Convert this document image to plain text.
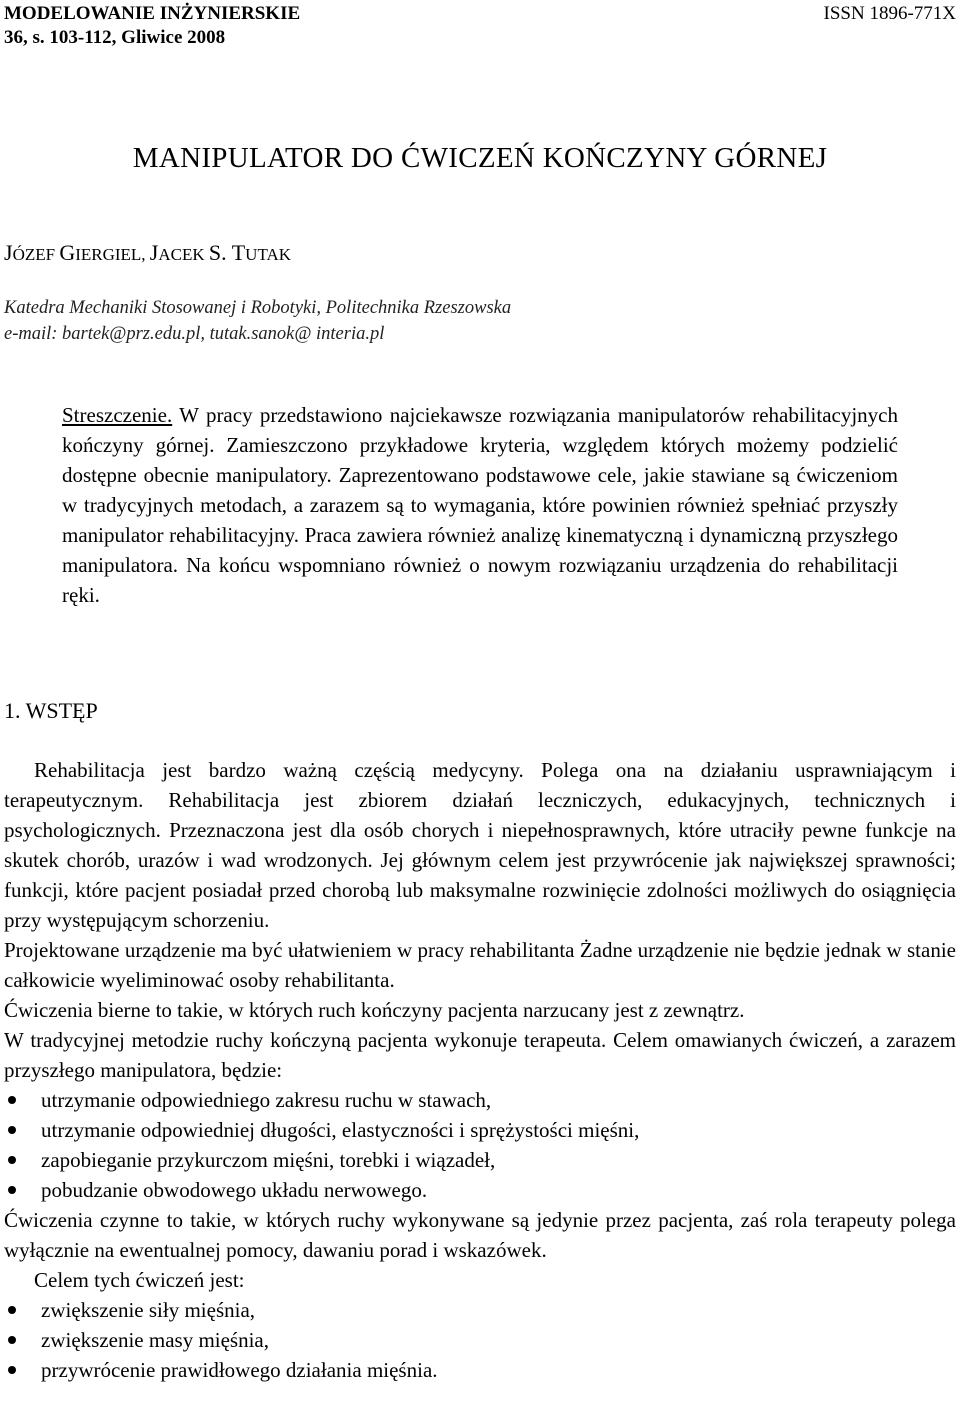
MODELOWANIE INŻYNIERSKIE
36, s. 103-112, Gliwice 2008
ISSN 1896-771X
MANIPULATOR DO ĆWICZEŃ KOŃCZYNY GÓRNEJ
JÓZEF GIERGIEL, JACEK S. TUTAK
Katedra Mechaniki Stosowanej i Robotyki, Politechnika Rzeszowska
e-mail: bartek@prz.edu.pl, tutak.sanok@ interia.pl
Streszczenie. W pracy przedstawiono najciekawsze rozwiązania manipulatorów rehabilitacyjnych kończyny górnej. Zamieszczono przykładowe kryteria, względem których możemy podzielić dostępne obecnie manipulatory. Zaprezentowano podstawowe cele, jakie stawiane są ćwiczeniom w tradycyjnych metodach, a zarazem są to wymagania, które powinien również spełniać przyszły manipulator rehabilitacyjny. Praca zawiera również analizę kinematyczną i dynamiczną przyszłego manipulatora. Na końcu wspomniano również o nowym rozwiązaniu urządzenia do rehabilitacji ręki.
1. WSTĘP

Rehabilitacja jest bardzo ważną częścią medycyny. Polega ona na działaniu usprawniającym i terapeutycznym. Rehabilitacja jest zbiorem działań leczniczych, edukacyjnych, technicznych i psychologicznych. Przeznaczona jest dla osób chorych i niepełnosprawnych, które utraciły pewne funkcje na skutek chorób, urazów i wad wrodzonych. Jej głównym celem jest przywrócenie jak największej sprawności; funkcji, które pacjent posiadał przed chorobą lub maksymalne rozwinięcie zdolności możliwych do osiągnięcia przy występującym schorzeniu.

Projektowane urządzenie ma być ułatwieniem w pracy rehabilitanta Żadne urządzenie nie będzie jednak w stanie całkowicie wyeliminować osoby rehabilitanta.

Ćwiczenia bierne to takie, w których ruch kończyny pacjenta narzucany jest z zewnątrz.

W tradycyjnej metodzie ruchy kończyną pacjenta wykonuje terapeuta. Celem omawianych ćwiczeń, a zarazem przyszłego manipulatora, będzie:

utrzymanie odpowiedniego zakresu ruchu w stawach,
utrzymanie odpowiedniej długości, elastyczności i sprężystości mięśni,
zapobieganie przykurczom mięśni, torebki i wiązadeł,
pobudzanie obwodowego układu nerwowego.

Ćwiczenia czynne to takie, w których ruchy wykonywane są jedynie przez pacjenta, zaś rola terapeuty polega wyłącznie na ewentualnej pomocy, dawaniu porad i wskazówek.

Celem tych ćwiczeń jest:

zwiększenie siły mięśnia,
zwiększenie masy mięśnia,
przywrócenie prawidłowego działania mięśnia.
